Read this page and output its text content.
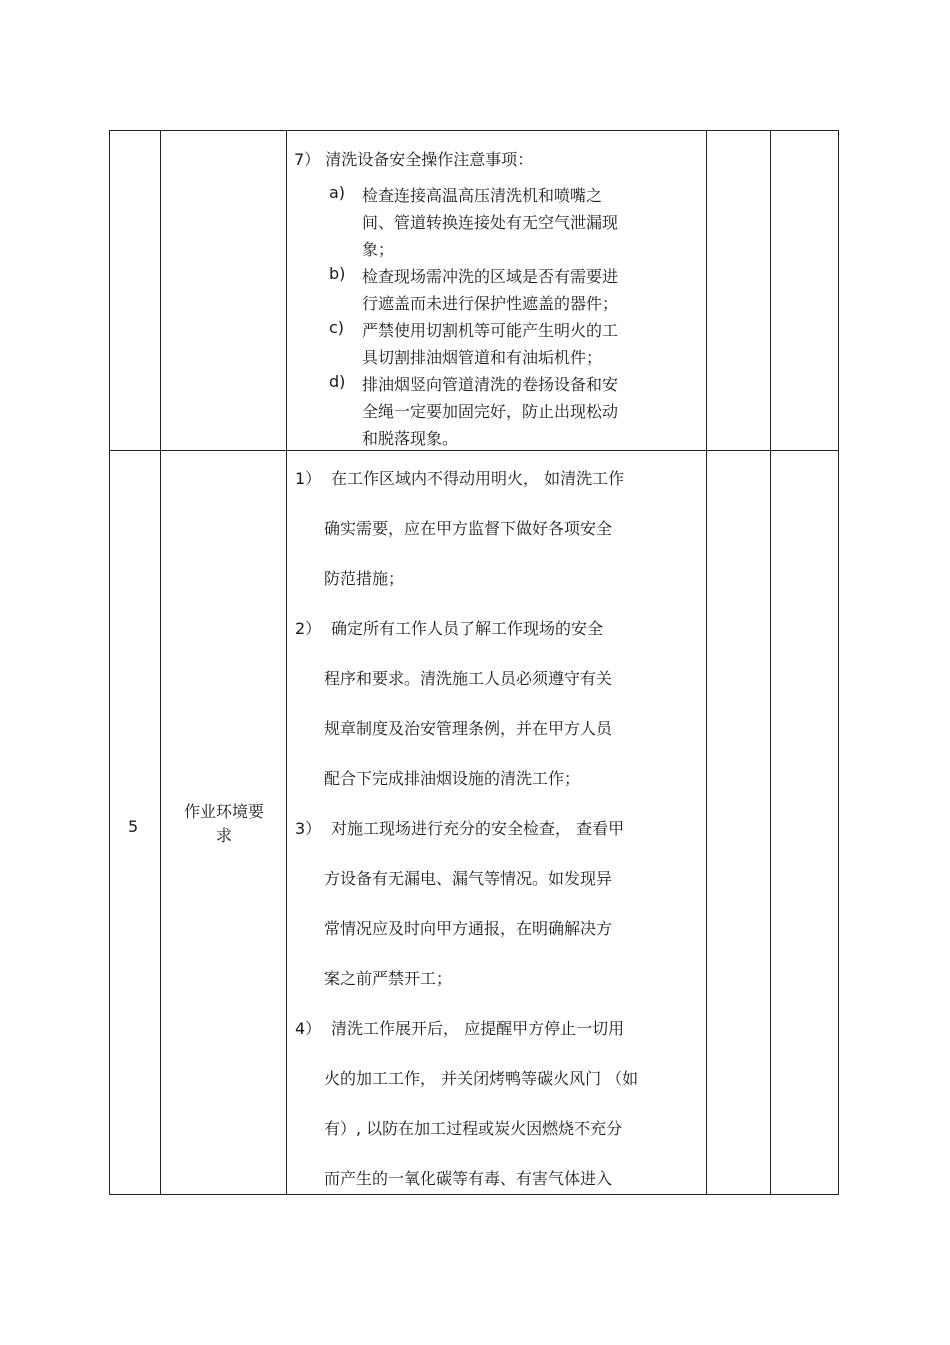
7） 清洗设备安全操作注意事项：
a) 检查连接高温高压清洗机和喷嘴之
间、管道转换连接处有无空气泄漏现
象；
b) 检查现场需冲洗的区域是否有需要进
行遮盖而未进行保护性遮盖的器件；
c) 严禁使用切割机等可能产生明火的工
具切割排油烟管道和有油垢机件；
d) 排油烟竖向管道清洗的卷扬设备和安
全绳一定要加固完好，防止出现松动
和脱落现象。
5
作业环境要
求
1） 在工作区域内不得动用明火， 如清洗工作
确实需要，应在甲方监督下做好各项安全
防范措施；
2） 确定所有工作人员了解工作现场的安全
程序和要求。清洗施工人员必须遵守有关
规章制度及治安管理条例，并在甲方人员
配合下完成排油烟设施的清洗工作；
3） 对施工现场进行充分的安全检查， 查看甲
方设备有无漏电、漏气等情况。如发现异
常情况应及时向甲方通报，在明确解决方
案之前严禁开工；
4） 清洗工作展开后， 应提醒甲方停止一切用
火的加工工作， 并关闭烤鸭等碳火风门 （如
有）, 以防在加工过程或炭火因燃烧不充分
而产生的一氧化碳等有毒、有害气体进入
